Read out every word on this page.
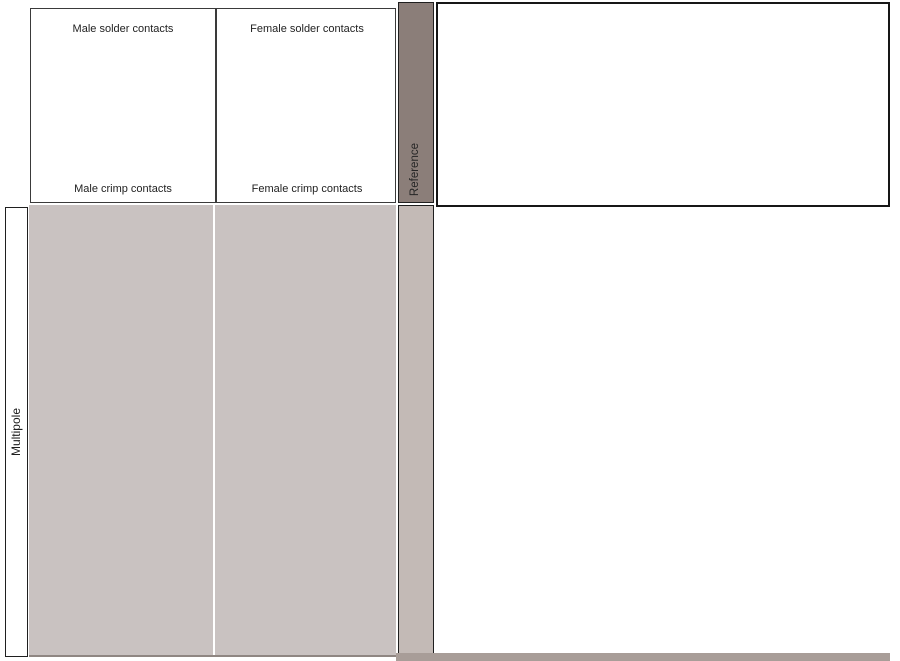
Male solder contacts
Male crimp contacts
Female solder contacts
Female crimp contacts
Multipole
Reference
